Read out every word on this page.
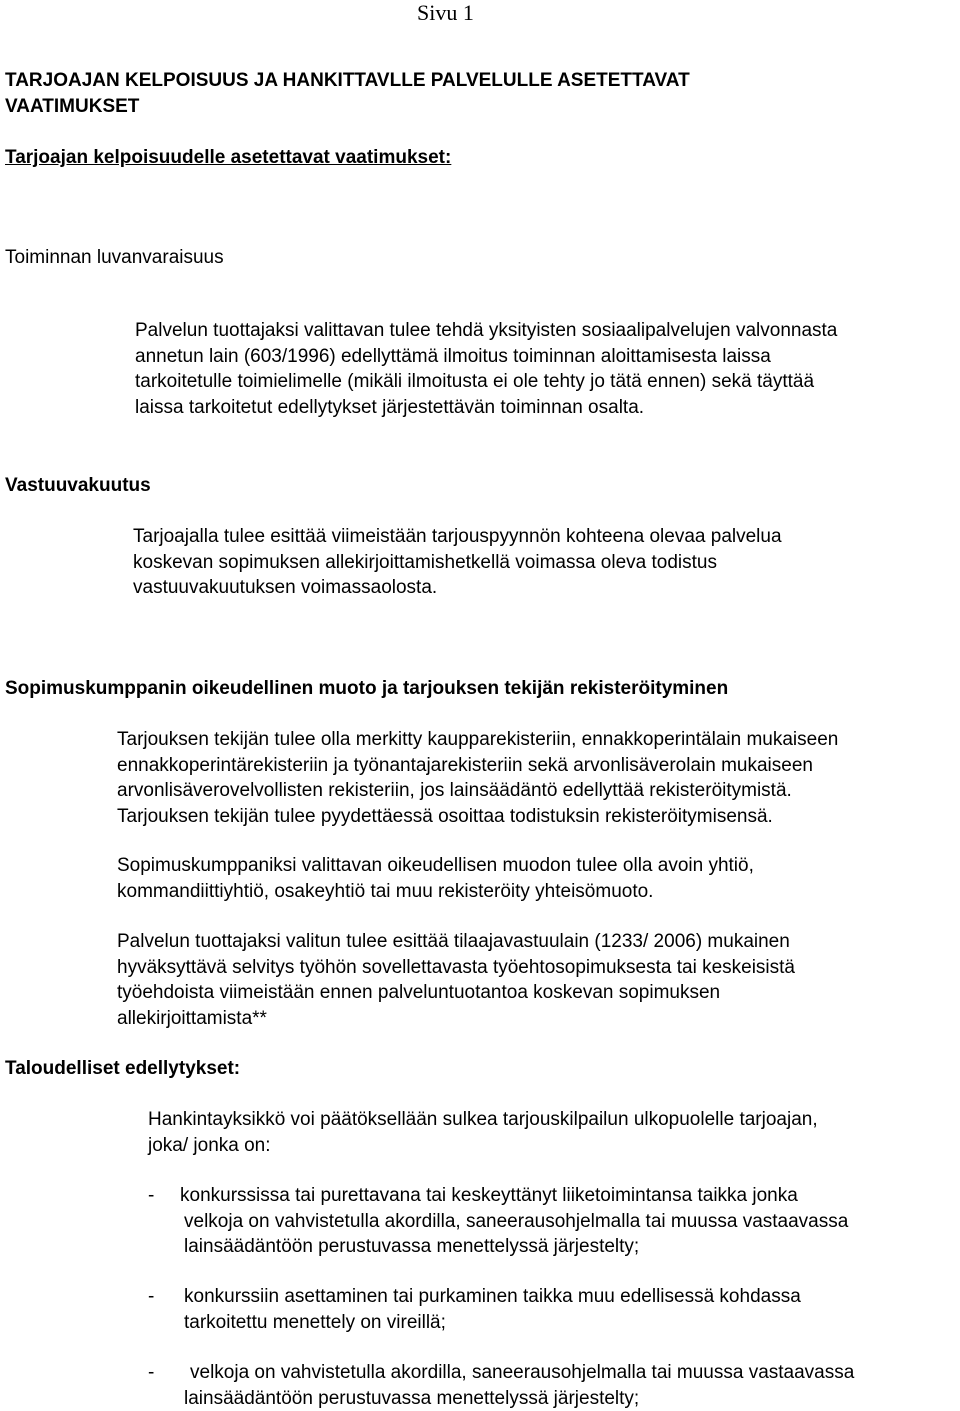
Sivu 1
TARJOAJAN KELPOISUUS JA HANKITTAVLLE PALVELULLE ASETETTAVAT
VAATIMUKSET
Tarjoajan kelpoisuudelle asetettavat vaatimukset:
Toiminnan luvanvaraisuus
Palvelun tuottajaksi valittavan tulee tehdä yksityisten sosiaalipalvelujen valvonnasta
annetun lain (603/1996) edellyttämä ilmoitus toiminnan aloittamisesta laissa
tarkoitetulle toimielimelle (mikäli ilmoitusta ei ole tehty jo tätä ennen) sekä täyttää
laissa tarkoitetut edellytykset järjestettävän toiminnan osalta.
Vastuuvakuutus
Tarjoajalla tulee esittää viimeistään tarjouspyynnön kohteena olevaa palvelua
koskevan sopimuksen allekirjoittamishetkellä voimassa oleva todistus
vastuuvakuutuksen voimassaolosta.
Sopimuskumppanin oikeudellinen muoto ja tarjouksen tekijän rekisteröityminen
Tarjouksen tekijän tulee olla merkitty kaupparekisteriin, ennakkoperintälain mukaiseen
ennakkoperintärekisteriin ja työnantajarekisteriin sekä arvonlisäverolain mukaiseen
arvonlisäverovelvollisten rekisteriin, jos lainsäädäntö edellyttää rekisteröitymistä.
Tarjouksen tekijän tulee pyydettäessä osoittaa todistuksin rekisteröitymisensä.
Sopimuskumppaniksi valittavan oikeudellisen muodon tulee olla avoin yhtiö,
kommandiittiyhtiö, osakeyhtiö tai muu rekisteröity yhteisömuoto.
Palvelun tuottajaksi valitun tulee esittää tilaajavastuulain (1233/ 2006) mukainen
hyväksyttävä selvitys työhön sovellettavasta työehtosopimuksesta tai keskeisistä
työehdoista viimeistään ennen palveluntuotantoa koskevan sopimuksen
allekirjoittamista**
Taloudelliset edellytykset:
Hankintayksikkö voi päätöksellään sulkea tarjouskilpailun ulkopuolelle tarjoajan,
joka/ jonka on:
- konkurssissa tai purettavana tai keskeyttänyt liiketoimintansa taikka jonka
velkoja on vahvistetulla akordilla, saneerausohjelmalla tai muussa vastaavassa
lainsäädäntöön perustuvassa menettelyssä järjestelty;
- konkurssiin asettaminen tai purkaminen taikka muu edellisessä kohdassa
tarkoitettu menettely on vireillä;
- velkoja on vahvistetulla akordilla, saneerausohjelmalla tai muussa vastaavassa
lainsäädäntöön perustuvassa menettelyssä järjestelty;
